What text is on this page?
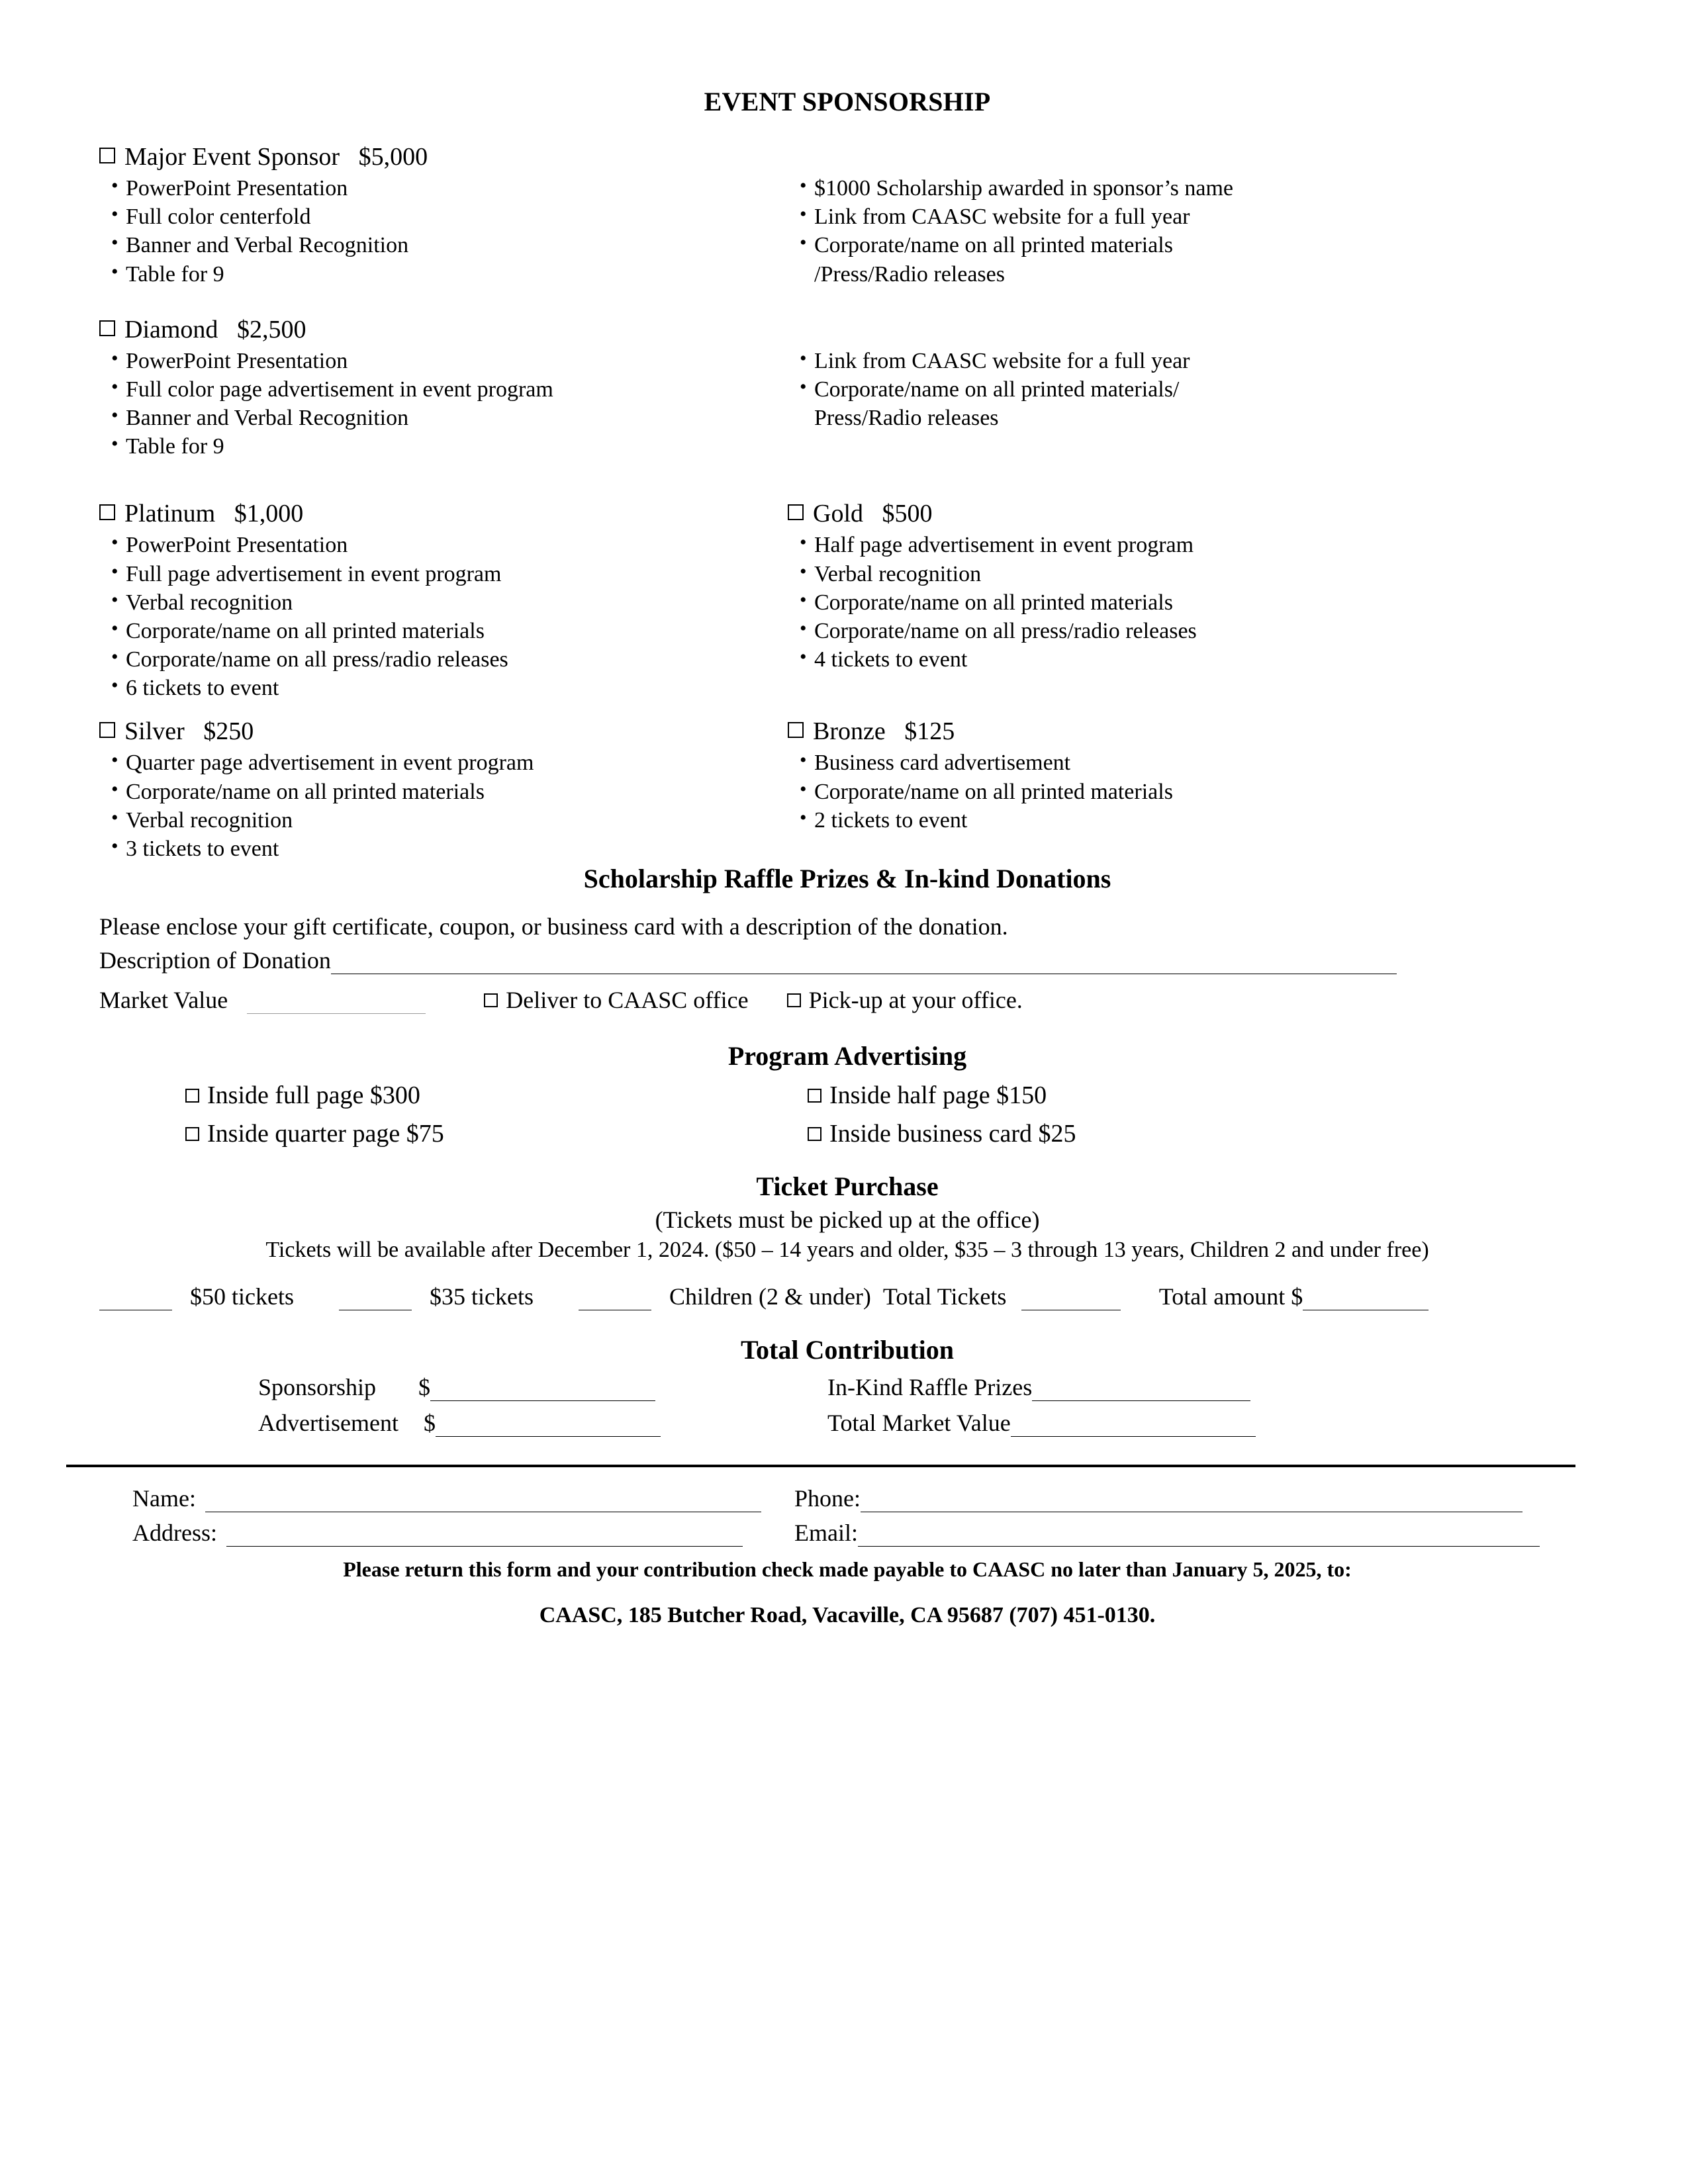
EVENT SPONSORSHIP
Major Event Sponsor $5,000
• PowerPoint Presentation
• Full color centerfold
• Banner and Verbal Recognition
• Table for 9
• $1000 Scholarship awarded in sponsor’s name
• Link from CAASC website for a full year
• Corporate/name on all printed materials
/Press/Radio releases
Diamond $2,500
• PowerPoint Presentation
• Full color page advertisement in event program
• Banner and Verbal Recognition
• Table for 9
• Link from CAASC website for a full year
• Corporate/name on all printed materials/
Press/Radio releases
Platinum $1,000
• PowerPoint Presentation
• Full page advertisement in event program
• Verbal recognition
• Corporate/name on all printed materials
• Corporate/name on all press/radio releases
• 6 tickets to event
Gold $500
• Half page advertisement in event program
• Verbal recognition
• Corporate/name on all printed materials
• Corporate/name on all press/radio releases
• 4 tickets to event
Silver $250
• Quarter page advertisement in event program
• Corporate/name on all printed materials
• Verbal recognition
• 3 tickets to event
Bronze $125
• Business card advertisement
• Corporate/name on all printed materials
• 2 tickets to event
Scholarship Raffle Prizes & In-kind Donations

Please enclose your gift certificate, coupon, or business card with a description of the donation.

Description of Donation
Market Value	Deliver to CAASC office	Pick-up at your office.
Program Advertising
Inside full page $300	Inside half page $150
Inside quarter page $75	Inside business card $25
Ticket Purchase

(Tickets must be picked up at the office)

Tickets will be available after December 1, 2024. ($50 – 14 years and older, $35 – 3 through 13 years, Children 2 and under free)

$50 tickets	$35 tickets	Children (2 & under) Total Tickets	Total amount $
Total Contribution
Sponsorship $	In-Kind Raffle Prizes
Advertisement $	Total Market Value
Name:	Phone:
Address:	Email:

Please return this form and your contribution check made payable to CAASC no later than January 5, 2025, to:

CAASC, 185 Butcher Road, Vacaville, CA 95687 (707) 451-0130.
